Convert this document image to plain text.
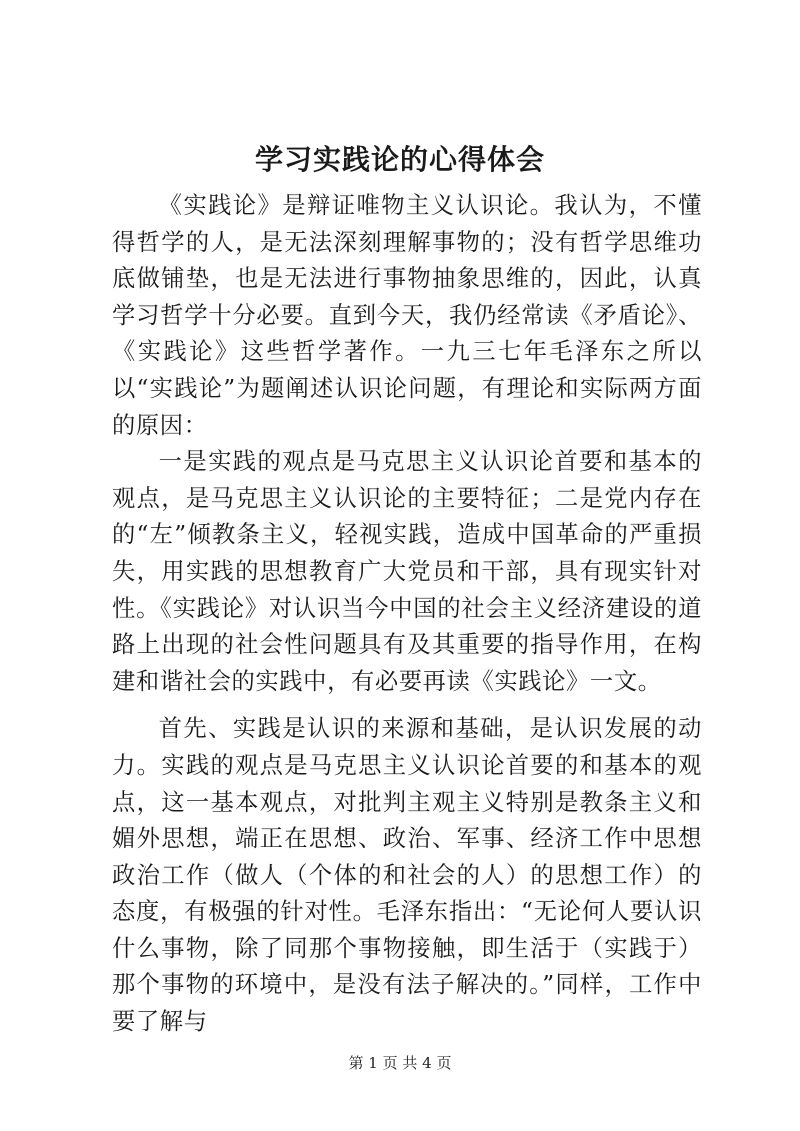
学习实践论的心得体会

《实践论》是辩证唯物主义认识论。我认为，不懂得哲学的人，是无法深刻理解事物的；没有哲学思维功底做铺垫，也是无法进行事物抽象思维的，因此，认真学习哲学十分必要。直到今天，我仍经常读《矛盾论》、《实践论》这些哲学著作。一九三七年毛泽东之所以以“实践论”为题阐述认识论问题，有理论和实际两方面的原因：

一是实践的观点是马克思主义认识论首要和基本的观点，是马克思主义认识论的主要特征；二是党内存在的“左”倾教条主义，轻视实践，造成中国革命的严重损失，用实践的思想教育广大党员和干部，具有现实针对性。《实践论》对认识当今中国的社会主义经济建设的道路上出现的社会性问题具有及其重要的指导作用，在构建和谐社会的实践中，有必要再读《实践论》一文。

首先、实践是认识的来源和基础，是认识发展的动力。实践的观点是马克思主义认识论首要的和基本的观点，这一基本观点，对批判主观主义特别是教条主义和媚外思想，端正在思想、政治、军事、经济工作中思想政治工作（做人（个体的和社会的人）的思想工作）的态度，有极强的针对性。毛泽东指出：“无论何人要认识什么事物，除了同那个事物接触，即生活于（实践于）那个事物的环境中，是没有法子解决的。”同样，工作中要了解与

第 1 页 共 4 页
